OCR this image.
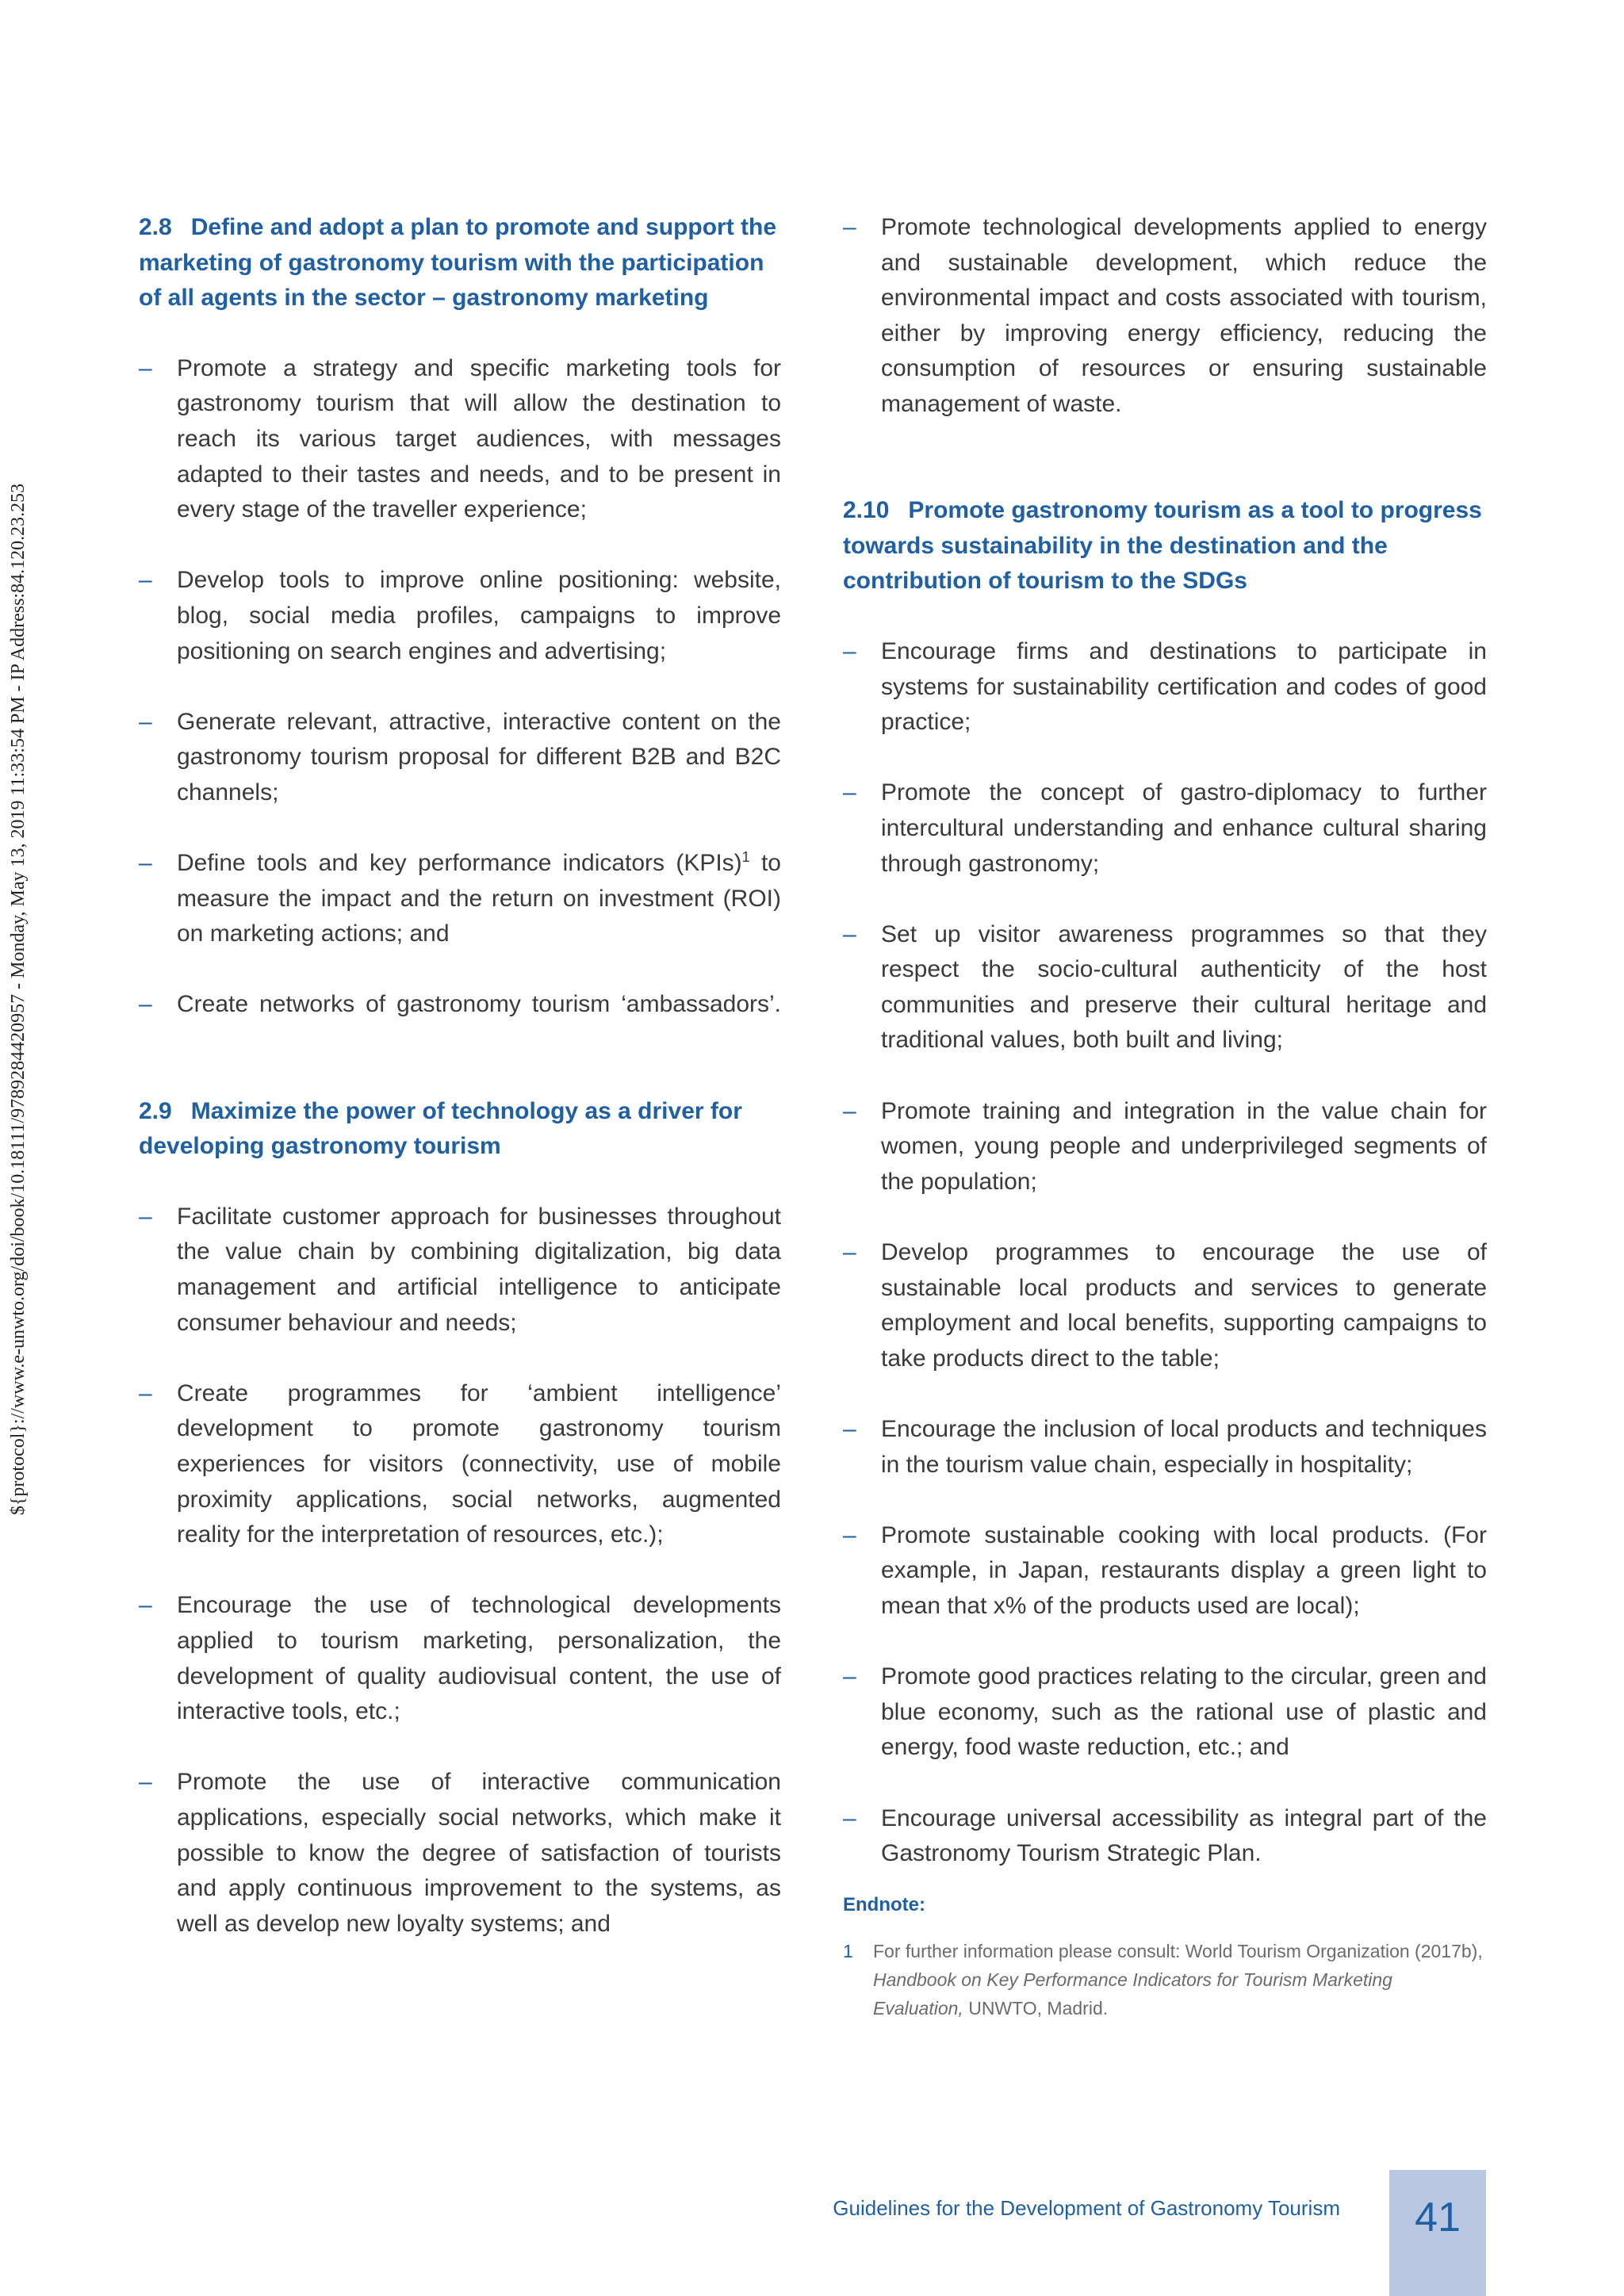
${protocol}://www.e-unwto.org/doi/book/10.18111/9789284420957 - Monday, May 13, 2019 11:33:54 PM - IP Address:84.120.23.253
2.8 Define and adopt a plan to promote and support the marketing of gastronomy tourism with the participation of all agents in the sector – gastronomy marketing
– Promote a strategy and specific marketing tools for gastronomy tourism that will allow the destination to reach its various target audiences, with messages adapted to their tastes and needs, and to be present in every stage of the traveller experience;
– Develop tools to improve online positioning: website, blog, social media profiles, campaigns to improve positioning on search engines and advertising;
– Generate relevant, attractive, interactive content on the gastronomy tourism proposal for different B2B and B2C channels;
– Define tools and key performance indicators (KPIs)$^1$ to measure the impact and the return on investment (ROI) on marketing actions; and
– Create networks of gastronomy tourism ‘ambassadors’.
2.9 Maximize the power of technology as a driver for developing gastronomy tourism
– Facilitate customer approach for businesses throughout the value chain by combining digitalization, big data management and artificial intelligence to anticipate consumer behaviour and needs;
– Create programmes for ‘ambient intelligence’ development to promote gastronomy tourism experiences for visitors (connectivity, use of mobile proximity applications, social networks, augmented reality for the interpretation of resources, etc.);
– Encourage the use of technological developments applied to tourism marketing, personalization, the development of quality audiovisual content, the use of interactive tools, etc.;
– Promote the use of interactive communication applications, especially social networks, which make it possible to know the degree of satisfaction of tourists and apply continuous improvement to the systems, as well as develop new loyalty systems; and
– Promote technological developments applied to energy and sustainable development, which reduce the environmental impact and costs associated with tourism, either by improving energy efficiency, reducing the consumption of resources or ensuring sustainable management of waste.
2.10 Promote gastronomy tourism as a tool to progress towards sustainability in the destination and the contribution of tourism to the SDGs
– Encourage firms and destinations to participate in systems for sustainability certification and codes of good practice;
– Promote the concept of gastro-diplomacy to further intercultural understanding and enhance cultural sharing through gastronomy;
– Set up visitor awareness programmes so that they respect the socio-cultural authenticity of the host communities and preserve their cultural heritage and traditional values, both built and living;
– Promote training and integration in the value chain for women, young people and underprivileged segments of the population;
– Develop programmes to encourage the use of sustainable local products and services to generate employment and local benefits, supporting campaigns to take products direct to the table;
– Encourage the inclusion of local products and techniques in the tourism value chain, especially in hospitality;
– Promote sustainable cooking with local products. (For example, in Japan, restaurants display a green light to mean that x% of the products used are local);
– Promote good practices relating to the circular, green and blue economy, such as the rational use of plastic and energy, food waste reduction, etc.; and
– Encourage universal accessibility as integral part of the Gastronomy Tourism Strategic Plan.
Endnote:
1	For further information please consult: World Tourism Organization (2017b), Handbook on Key Performance Indicators for Tourism Marketing Evaluation, UNWTO, Madrid.
Guidelines for the Development of Gastronomy Tourism	41
